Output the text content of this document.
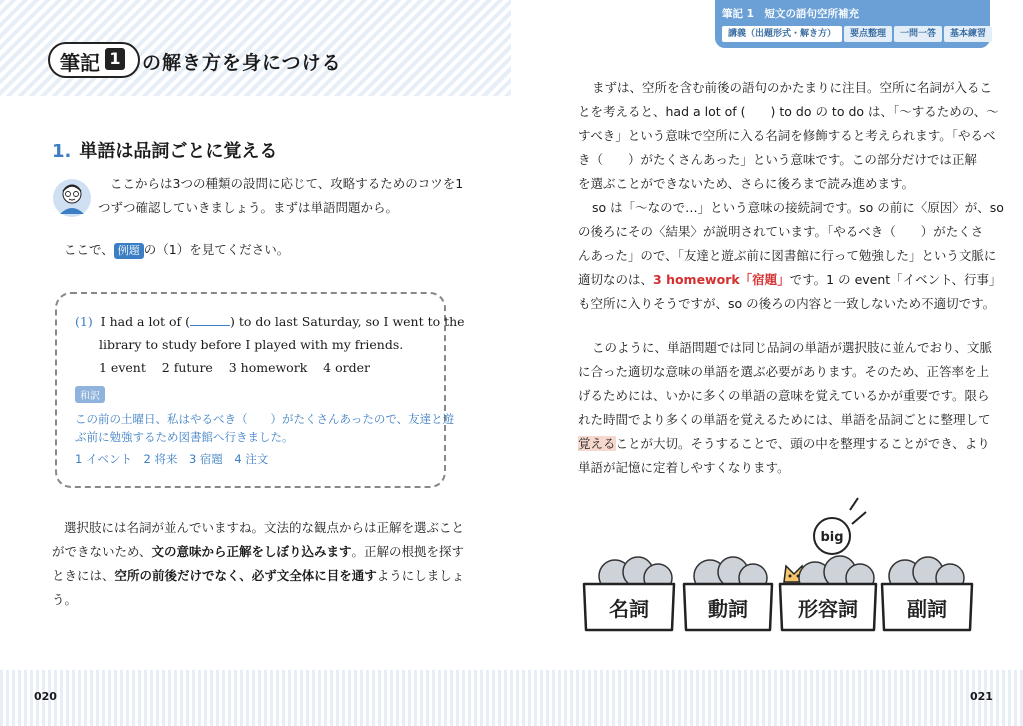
筆記 1 の解き方を身につける
1. 単語は品詞ごとに覚える
ここからは3つの種類の設問に応じて、攻略するためのコツを1
つずつ確認していきましょう。まずは単語問題から。
ここで、 例題 の（1）を見てください。
(1) I had a lot of (	) to do last Saturday, so I went to the
library to study before I played with my friends.
1 event 2 future 3 homework 4 order
和訳
この前の土曜日、私はやるべき（　　）がたくさんあったので、友達と遊
ぶ前に勉強するため図書館へ行きました。
1 イベント　2 将来　3 宿題　4 注文
選択肢には名詞が並んでいますね。文法的な観点からは正解を選ぶこと
ができないため、文の意味から正解をしぼり込みます。正解の根拠を探す
ときには、空所の前後だけでなく、必ず文全体に目を通すようにしましょ
う。
筆記 1　短文の語句空所補充
講義（出題形式・解き方）	要点整理	一問一答	基本練習
まずは、空所を含む前後の語句のかたまりに注目。空所に名詞が入るこ
とを考えると、had a lot of (　　) to do の to do は、「～するための、～
すべき」という意味で空所に入る名詞を修飾すると考えられます。「やるべ
き（　　）がたくさんあった」という意味です。この部分だけでは正解
を選ぶことができないため、さらに後ろまで読み進めます。
so は「～なので…」という意味の接続詞です。so の前に〈原因〉が、so
の後ろにその〈結果〉が説明されています。「やるべき（　　）がたくさ
んあった」ので、「友達と遊ぶ前に図書館に行って勉強した」という文脈に
適切なのは、3 homework「宿題」です。1 の event「イベント、行事」
も空所に入りそうですが、so の後ろの内容と一致しないため不適切です。
このように、単語問題では同じ品詞の単語が選択肢に並んでおり、文脈
に合った適切な意味の単語を選ぶ必要があります。そのため、正答率を上
げるためには、いかに多くの単語の意味を覚えているかが重要です。限ら
れた時間でより多くの単語を覚えるためには、単語を品詞ごとに整理して
覚えることが大切。そうすることで、頭の中を整理することができ、より
単語が記憶に定着しやすくなります。
big
名詞	動詞	形容詞 副詞
020	021
